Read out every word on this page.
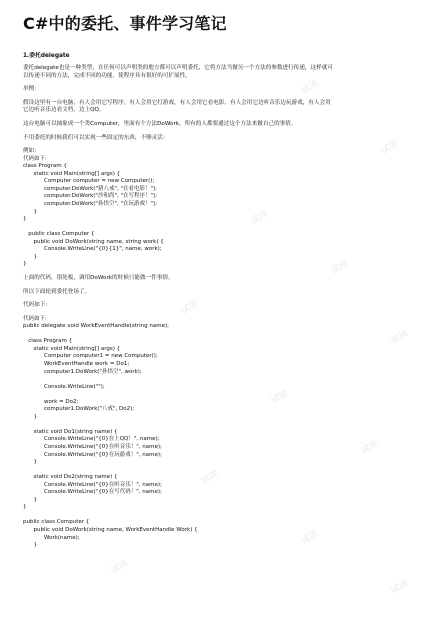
试读
试读
试读
试读
试读
试读
试读
试读
试读
试读
试读
试读
C#中的委托、事件学习笔记
1.委托delegate

委托delegate也是一种类型，在任何可以声明类的地方都可以声明委托，它将方法当做另一个方法的参数进行传递，这样就可

以传递不同的方法，完成不同的功能，使程序具有很好的可扩展性。

举例：

假设这里有一台电脑，有人会用它写程序，有人会用它打游戏，有人会用它看电影，有人会用它边听音乐边玩游戏，有人会用

它边听音乐边看文档，边上QQ。

这台电脑可以抽象成一个类Computer，里面有个方法DoWork，所有的人都要通过这个方法来做自己的事情。

不用委托的时候我们可以实现一些固定的东西，不够灵活：

例如：
代码如下:
class Program {
static void Main(string[] args) {
Computer computer = new Computer();
computer.DoWork("猪八戒", "在看电影！");
computer.DoWork("沙和尚", "在写程序！");
computer.DoWork("孙悟空", "在玩游戏！");
}
}

public class Computer {
public void DoWork(string name, string work) {
Console.WriteLine("{0}{1}", name, work);
}
}

上面的代码，很死板，调用DoWork的时候只能做一件事情。

所以下面轮到委托登场了。

代码如下：

代码如下:
public delegate void WorkEventHandle(string name);

class Program {
static void Main(string[] args) {
Computer computer1 = new Computer();
WorkEventHandle work = Do1;
computer1.DoWork("孙悟空", work);

Console.WriteLine("");

work = Do2;
computer1.DoWork("八戒", Do2);
}

static void Do1(string name) {
Console.WriteLine("{0}在上QQ！", name);
Console.WriteLine("{0}在听音乐！", name);
Console.WriteLine("{0}在玩游戏！", name);
}

static void Do2(string name) {
Console.WriteLine("{0}在听音乐！", name);
Console.WriteLine("{0}在写代码！", name);
}
}

public class Computer {
public void DoWork(string name, WorkEventHandle Work) {
Work(name);
}
